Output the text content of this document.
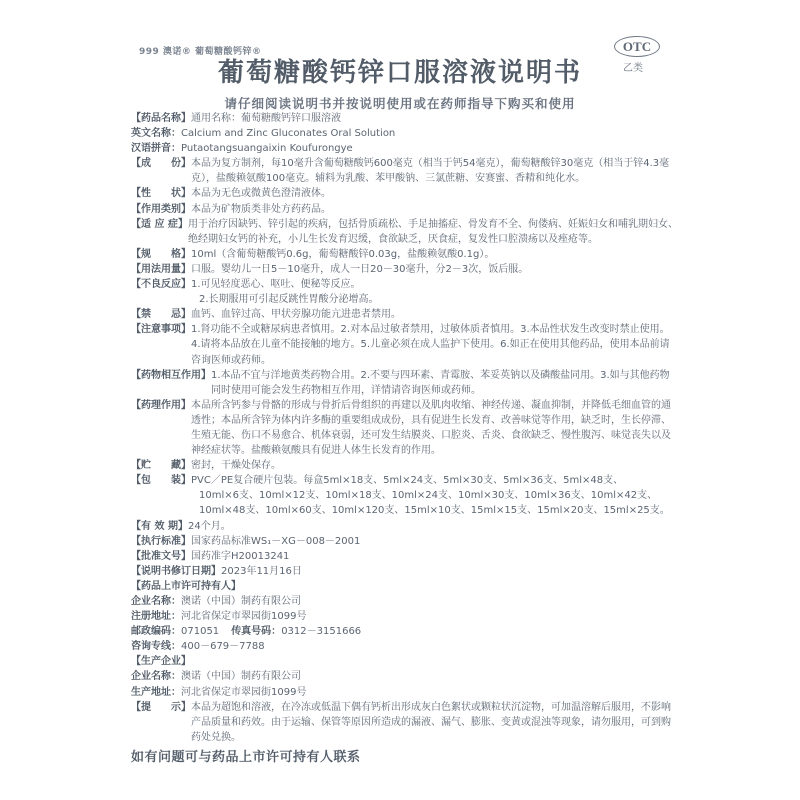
999 澳诺® 葡萄糖酸钙锌®	OTC
乙类
葡萄糖酸钙锌口服溶液说明书
请仔细阅读说明书并按说明使用或在药师指导下购买和使用
【药品名称】 通用名称：葡萄糖酸钙锌口服溶液
英文名称： Calcium and Zinc Gluconates Oral Solution
汉语拼音： Putaotangsuangaixin Koufurongye
【成　　份】 本品为复方制剂，每10毫升含葡萄糖酸钙600毫克（相当于钙54毫克），葡萄糖酸锌30毫克（相当于锌4.3毫克），盐酸赖氨酸100毫克。辅料为乳酸、苯甲酸钠、三氯蔗糖、安赛蜜、香精和纯化水。
【性　　状】 本品为无色或微黄色澄清液体。
【作用类别】 本品为矿物质类非处方药药品。
【适 应 症】 用于治疗因缺钙、锌引起的疾病，包括骨质疏松、手足抽搐症、骨发育不全、佝偻病、妊娠妇女和哺乳期妇女、绝经期妇女钙的补充，小儿生长发育迟缓，食欲缺乏，厌食症，复发性口腔溃疡以及痤疮等。
【规　　格】 10ml（含葡萄糖酸钙0.6g，葡萄糖酸锌0.03g，盐酸赖氨酸0.1g）。
【用法用量】 口服。婴幼儿一日5－10毫升，成人一日20－30毫升，分2－3次，饭后服。
【不良反应】 1.可见轻度恶心、呕吐、便秘等反应。
2.长期服用可引起反跳性胃酸分泌增高。
【禁　　忌】 血钙、血锌过高、甲状旁腺功能亢进患者禁用。
【注意事项】 1.肾功能不全或糖尿病患者慎用。2.对本品过敏者禁用，过敏体质者慎用。3.本品性状发生改变时禁止使用。4.请将本品放在儿童不能接触的地方。5.儿童必须在成人监护下使用。6.如正在使用其他药品，使用本品前请咨询医师或药师。
【药物相互作用】 1.本品不宜与洋地黄类药物合用。2.不要与四环素、青霉胺、苯妥英钠以及磷酸盐同用。3.如与其他药物同时使用可能会发生药物相互作用，详情请咨询医师或药师。
【药理作用】 本品所含钙参与骨骼的形成与骨折后骨组织的再建以及肌肉收缩、神经传递、凝血抑制，并降低毛细血管的通透性；本品所含锌为体内许多酶的重要组成成份，具有促进生长发育、改善味觉等作用，缺乏时，生长停滞、生殖无能、伤口不易愈合、机体衰弱，还可发生结膜炎、口腔炎、舌炎、食欲缺乏、慢性腹泻、味觉丧失以及神经症状等。盐酸赖氨酸具有促进人体生长发育的作用。
【贮　　藏】 密封，干燥处保存。
【包　　装】 PVC／PE复合硬片包装。每盒5ml×18支、5ml×24支、5ml×30支、5ml×36支、5ml×48支、
10ml×6支、10ml×12支、10ml×18支、10ml×24支、10ml×30支、10ml×36支、10ml×42支、
10ml×48支、10ml×60支、10ml×120支、15ml×10支、15ml×15支、15ml×20支、15ml×25支。
【有 效 期】 24个月。
【执行标准】 国家药品标准WS₁－XG－008－2001
【批准文号】 国药准字H20013241
【说明书修订日期】 2023年11月16日
【药品上市许可持有人】
企业名称： 澳诺（中国）制药有限公司
注册地址： 河北省保定市翠园街1099号
邮政编码： 071051 传真号码： 0312－3151666
咨询专线： 400－679－7788
【生产企业】
企业名称： 澳诺（中国）制药有限公司
生产地址： 河北省保定市翠园街1099号
【提　　示】 本品为超饱和溶液，在冷冻或低温下偶有钙析出形成灰白色絮状或颗粒状沉淀物，可加温溶解后服用，不影响产品质量和药效。由于运输、保管等原因所造成的漏液、漏气、膨胀、变黄或混浊等现象，请勿服用，可到购药处兑换。
如有问题可与药品上市许可持有人联系
